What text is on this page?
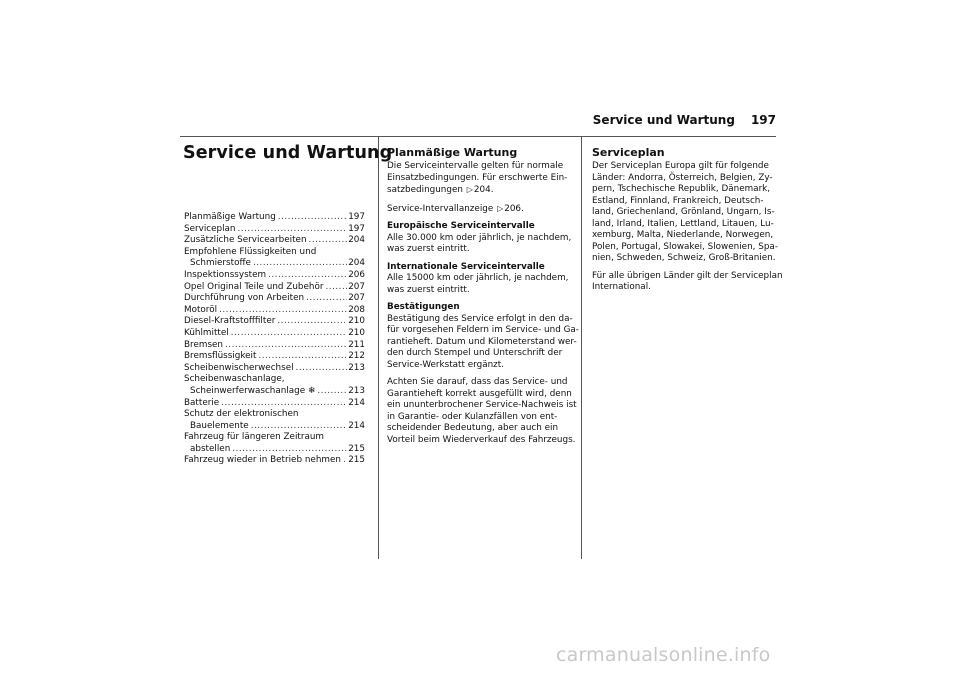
Service und Wartung 197
Service und Wartung
Planmäßige Wartung .....	197
Serviceplan .....	197
Zusätzliche Servicearbeiten .....	204
Empfohlene Flüssigkeiten und
Schmierstoffe .....	204
Inspektionssystem .....	206
Opel Original Teile und Zubehör .....	207
Durchführung von Arbeiten .....	207
Motoröl .....	208
Diesel-Kraftstofffilter .....	210
Kühlmittel .....	210
Bremsen .....	211
Bremsflüssigkeit .....	212
Scheibenwischerwechsel .....	213
Scheibenwaschanlage,
Scheinwerferwaschanlage ❄ .....	213
Batterie .....	214
Schutz der elektronischen
Bauelemente .....	214
Fahrzeug für längeren Zeitraum
abstellen .....	215
Fahrzeug wieder in Betrieb nehmen ..... 215
Planmäßige Wartung

Die Serviceintervalle gelten für normale
Einsatzbedingungen. Für erschwerte Ein-
satzbedingungen ▷204.

Service-Intervallanzeige ▷206.

Europäische Serviceintervalle
Alle 30.000 km oder jährlich, je nachdem,
was zuerst eintritt.
Internationale Serviceintervalle
Alle 15000 km oder jährlich, je nachdem,
was zuerst eintritt.
Bestätigungen
Bestätigung des Service erfolgt in den da-
für vorgesehen Feldern im Service- und Ga-
rantieheft. Datum und Kilometerstand wer-
den durch Stempel und Unterschrift der
Service-Werkstatt ergänzt.

Achten Sie darauf, dass das Service- und
Garantieheft korrekt ausgefüllt wird, denn
ein ununterbrochener Service-Nachweis ist
in Garantie- oder Kulanzfällen von ent-
scheidender Bedeutung, aber auch ein
Vorteil beim Wiederverkauf des Fahrzeugs.

Serviceplan

Der Serviceplan Europa gilt für folgende
Länder: Andorra, Österreich, Belgien, Zy-
pern, Tschechische Republik, Dänemark,
Estland, Finnland, Frankreich, Deutsch-
land, Griechenland, Grönland, Ungarn, Is-
land, Irland, Italien, Lettland, Litauen, Lu-
xemburg, Malta, Niederlande, Norwegen,
Polen, Portugal, Slowakei, Slowenien, Spa-
nien, Schweden, Schweiz, Groß-Britanien.

Für alle übrigen Länder gilt der Serviceplan
International.

carmanualsonline.info
